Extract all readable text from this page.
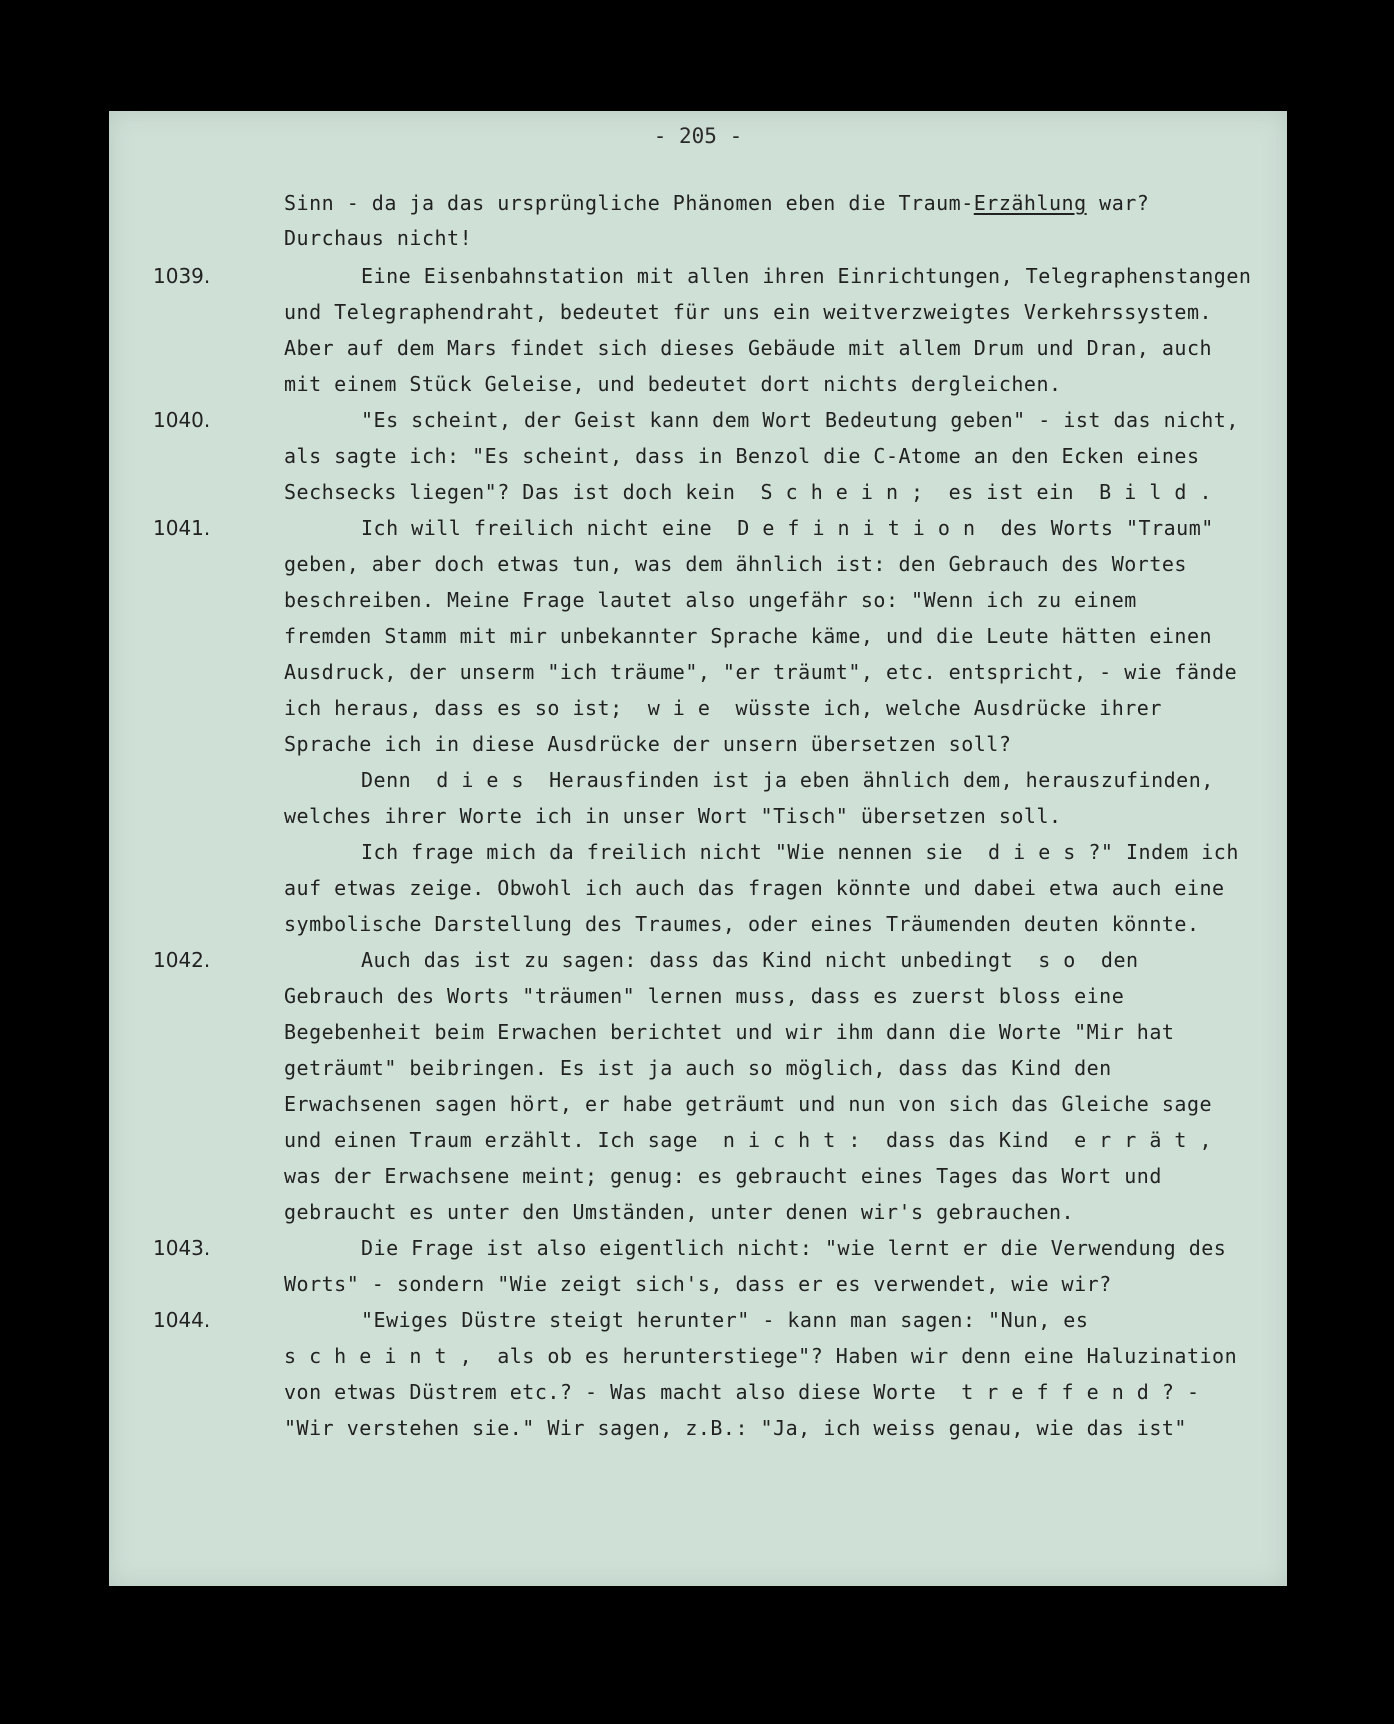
- 205 -
1039.
1040.
1041.
1042.
1043.
1044.
Sinn - da ja das ursprüngliche Phänomen eben die Traum-Erzählung war?
Durchaus nicht!
Eine Eisenbahnstation mit allen ihren Einrichtungen, Telegraphenstangen
und Telegraphendraht, bedeutet für uns ein weitverzweigtes Verkehrssystem.
Aber auf dem Mars findet sich dieses Gebäude mit allem Drum und Dran, auch
mit einem Stück Geleise, und bedeutet dort nichts dergleichen.
"Es scheint, der Geist kann dem Wort Bedeutung geben" - ist das nicht,
als sagte ich: "Es scheint, dass in Benzol die C-Atome an den Ecken eines
Sechsecks liegen"? Das ist doch kein  S c h e i n ;  es ist ein  B i l d .
Ich will freilich nicht eine  D e f i n i t i o n  des Worts "Traum"
geben, aber doch etwas tun, was dem ähnlich ist: den Gebrauch des Wortes
beschreiben. Meine Frage lautet also ungefähr so: "Wenn ich zu einem
fremden Stamm mit mir unbekannter Sprache käme, und die Leute hätten einen
Ausdruck, der unserm "ich träume", "er träumt", etc. entspricht, - wie fände
ich heraus, dass es so ist;  w i e  wüsste ich, welche Ausdrücke ihrer
Sprache ich in diese Ausdrücke der unsern übersetzen soll?
Denn  d i e s  Herausfinden ist ja eben ähnlich dem, herauszufinden,
welches ihrer Worte ich in unser Wort "Tisch" übersetzen soll.
Ich frage mich da freilich nicht "Wie nennen sie  d i e s ?" Indem ich
auf etwas zeige. Obwohl ich auch das fragen könnte und dabei etwa auch eine
symbolische Darstellung des Traumes, oder eines Träumenden deuten könnte.
Auch das ist zu sagen: dass das Kind nicht unbedingt  s o  den
Gebrauch des Worts "träumen" lernen muss, dass es zuerst bloss eine
Begebenheit beim Erwachen berichtet und wir ihm dann die Worte "Mir hat
geträumt" beibringen. Es ist ja auch so möglich, dass das Kind den
Erwachsenen sagen hört, er habe geträumt und nun von sich das Gleiche sage
und einen Traum erzählt. Ich sage  n i c h t :  dass das Kind  e r r ä t ,
was der Erwachsene meint; genug: es gebraucht eines Tages das Wort und
gebraucht es unter den Umständen, unter denen wir's gebrauchen.
Die Frage ist also eigentlich nicht: "wie lernt er die Verwendung des
Worts" - sondern "Wie zeigt sich's, dass er es verwendet, wie wir?
"Ewiges Düstre steigt herunter" - kann man sagen: "Nun, es
s c h e i n t ,  als ob es herunterstiege"? Haben wir denn eine Haluzination
von etwas Düstrem etc.? - Was macht also diese Worte  t r e f f e n d ? -
"Wir verstehen sie." Wir sagen, z.B.: "Ja, ich weiss genau, wie das ist"
